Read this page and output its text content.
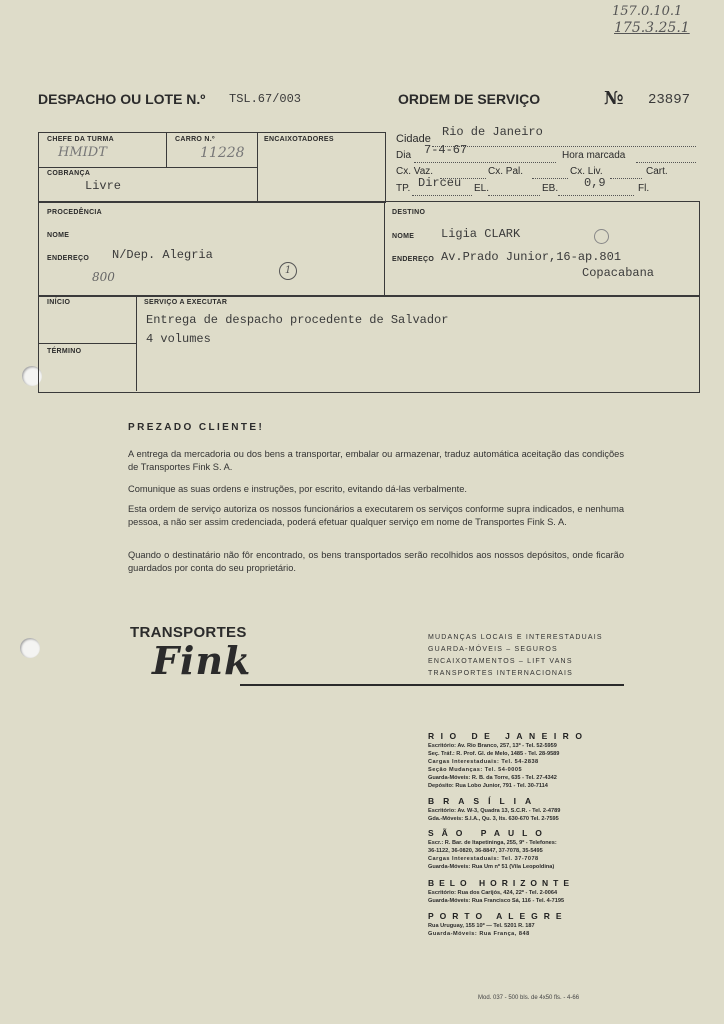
157.0.10.1
175.3.25.1
DESPACHO OU LOTE N.º TSL.67/003	ORDEM DE SERVIÇO	№ 23897
CHEFE DA TURMA
HMIDT
CARRO N.º
11228
ENCAIXOTADORES
COBRANÇA
Livre
Cidade Rio de Janeiro
Dia 7-4-67	Hora marcada
Cx. Vaz.	Cx. Pal.	Cx. Liv.	Cart.
TP. Dirceu EL.	EB. 0,9	Fl.
PROCEDÊNCIA
NOME
ENDEREÇO N/Dep. Alegria
800	1
DESTINO
NOME Ligia CLARK
ENDEREÇO Av.Prado Junior,16-ap.801
Copacabana
INÍCIO
TÉRMINO
SERVIÇO A EXECUTAR
Entrega de despacho procedente de Salvador
4 volumes
PREZADO CLIENTE!
A entrega da mercadoria ou dos bens a transportar, embalar ou armazenar, traduz automática aceitação das condições de Transportes Fink S. A.
Comunique as suas ordens e instruções, por escrito, evitando dá-las verbalmente.
Esta ordem de serviço autoriza os nossos funcionários a executarem os serviços conforme supra indicados, e nenhuma pessoa, a não ser assim credenciada, poderá efetuar qualquer serviço em nome de Transportes Fink S. A.
Quando o destinatário não fôr encontrado, os bens transportados serão recolhidos aos nossos depósitos, onde ficarão guardados por conta do seu proprietário.
TRANSPORTES
Fink
MUDANÇAS LOCAIS E INTERESTADUAIS
GUARDA-MÓVEIS – SEGUROS
ENCAIXOTAMENTOS – LIFT VANS
TRANSPORTES INTERNACIONAIS
RIO DE JANEIRO
Escritório: Av. Rio Branco, 257, 13º - Tel. 52-5959
Seç. Tráf.: R. Prof. Gl. de Melo, 1485 - Tel. 28-9589
Cargas Interestaduais: Tel. 54-2838
Seção Mudanças: Tel. 54-0005
Guarda-Móveis: R. B. da Torre, 635 - Tel. 27-4342
Depósito: Rua Lobo Junior, 791 - Tel. 30-7114
BRASÍLIA
Escritório: Av. W-3, Quadra 13, S.C.R. - Tel. 2-4789
Gda.-Móveis: S.I.A., Qu. 3, lts. 630-670 Tel. 2-7595
SÃO PAULO
Escr.: R. Bar. de Itapetininga, 255, 9º - Telefones:
36-1122, 36-0820, 36-8847, 37-7078, 35-5495
Cargas Interestaduais: Tel. 37-7078
Guarda-Móveis: Rua Um nº 51 (Vila Leopoldina)
BELO HORIZONTE
Escritório: Rua dos Carijós, 424, 22º - Tel. 2-0064
Guarda-Móveis: Rua Francisco Sá, 116 - Tel. 4-7195
PORTO ALEGRE
Rua Uruguay, 155 10º — Tel. 5201 R. 187
Guarda-Móveis: Rua França, 848
Mod. 037 - 500 bls. de 4x50 fls. - 4-66
